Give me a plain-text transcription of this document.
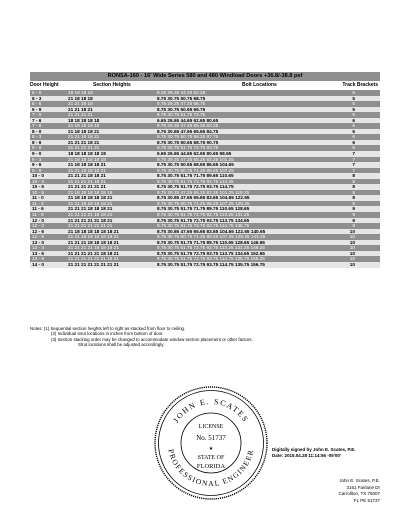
RONSA-160 - 16' Wide Series 580 and 480 Windload Doors +36.8/-38.8 psf
Door Height	Section Heights	Bolt Locations	Track Brackets
6 - 0	18 18 18 18	8.25 28.25 44.25 62.25	5
6 - 3	21 18 18 18	8.75 30.75 50.75 68.75	5
6 - 6	21 21 18 18	9.75 29.25 47.25 66.75	5
6 - 9	21 21 18 21	8.75 30.75 50.65 69.75	5
7 - 0	21 21 21 21	9.75 30.75 51.75 72.75	5
7 - 6	18 18 18 18 18	6.65 26.65 44.65 62.65 80.65	6
7 - 9	21 18 18 18 18	9.75 29.25 47.25 65.25 83.25	6
8 - 0	21 18 18 18 21	8.75 30.65 47.65 65.65 84.75	6
8 - 3	21 21 18 18 21	9.75 30.75 50.75 68.25 87.75	6
8 - 6	21 21 21 18 21	8.75 30.75 50.65 68.75 90.75	6
8 - 9	21 21 21 21 21	9.75 30.75 51.75 72.75 93.75	6
9 - 0	18 18 18 18 18 18	6.65 26.65 44.65 62.65 80.65 98.65	7
9 - 3	21 18 18 18 18 18	9.75 29.25 47.25 65.25 83.25 101.25	7
9 - 6	21 18 18 18 18 21	8.75 30.75 50.65 68.65 86.65 104.65	7
9 - 9	21 21 18 18 18 21	9.75 30.75 50.75 71.25 89.25 107.25	7
10 - 0	21 21 21 18 18 21	8.75 30.75 51.75 71.75 89.65 110.65	8
10 - 3	21 21 21 21 18 21	9.75 30.75 51.75 72.75 92.75 113.25	8
10 - 6	21 21 21 21 21 21	8.75 30.75 51.75 72.75 93.75 114.75	8
10 - 9	21 18 18 18 18 18 18	9.75 29.25 47.25 65.25 83.25 101.25 119.25	8
11 - 0	21 18 18 18 18 18 21	8.75 30.65 47.65 65.65 83.65 104.65 122.65	8
11 - 3	21 21 18 18 18 18 21	9.75 30.75 50.75 71.25 89.25 107.25 125.25	9
11 - 6	21 21 21 18 18 18 21	8.75 30.75 51.75 71.75 89.75 110.65 128.65	9
11 - 9	21 21 21 21 18 18 21	9.75 30.75 51.75 72.75 92.75 113.25 131.25	9
12 - 0	21 21 21 21 21 18 21	8.75 30.75 51.75 72.75 93.75 113.75 134.65	9
12 - 3	21 21 21 21 21 21 21	9.75 30.75 51.75 72.75 93.75 114.75 135.75	9
12 - 6	21 18 18 18 18 18 18 21	8.75 30.65 47.65 65.65 83.65 104.65 122.65 140.65	10
12 - 9	21 21 18 18 18 18 18 21	9.75 30.75 50.75 71.25 89.25 107.25 125.25 143.25	10
13 - 0	21 21 21 18 18 18 18 21	8.75 30.75 51.75 71.75 89.75 110.65 128.65 146.65	10
13 - 3	21 21 21 21 18 18 18 21	9.75 30.75 51.75 72.75 92.75 113.25 131.25 149.25	10
13 - 6	21 21 21 21 21 18 18 21	8.75 30.75 51.75 72.75 93.75 113.75 134.65 152.65	10
13 - 9	21 21 21 21 21 21 18 21	9.75 30.75 51.75 72.75 93.75 114.75 135.75 155.25	10
14 - 0	21 21 21 21 21 21 21 21	8.75 30.75 51.75 72.75 93.75 114.75 135.75 156.75	10
Notes: (1) Sequential section heights left to right as stacked from floor to ceiling.
(2) Individual strut locations in inches from bottom of door.
(3) Section stacking order may be changed to accommodate window section placement or other factors.
Strut locations shall be adjusted accordingly.
JOHN E. SCATES
PROFESSIONAL ENGINEER
LICENSE
No. 51737
★
STATE OF
FLORIDA
Digitally signed by John E. Scates, P.E.
Date: 2015.04.28 11:14:56 -05'00'
John E. Scates, P.E.
3161 Fairlane Dr
Carrollton, TX 75007
FL PE 51737
